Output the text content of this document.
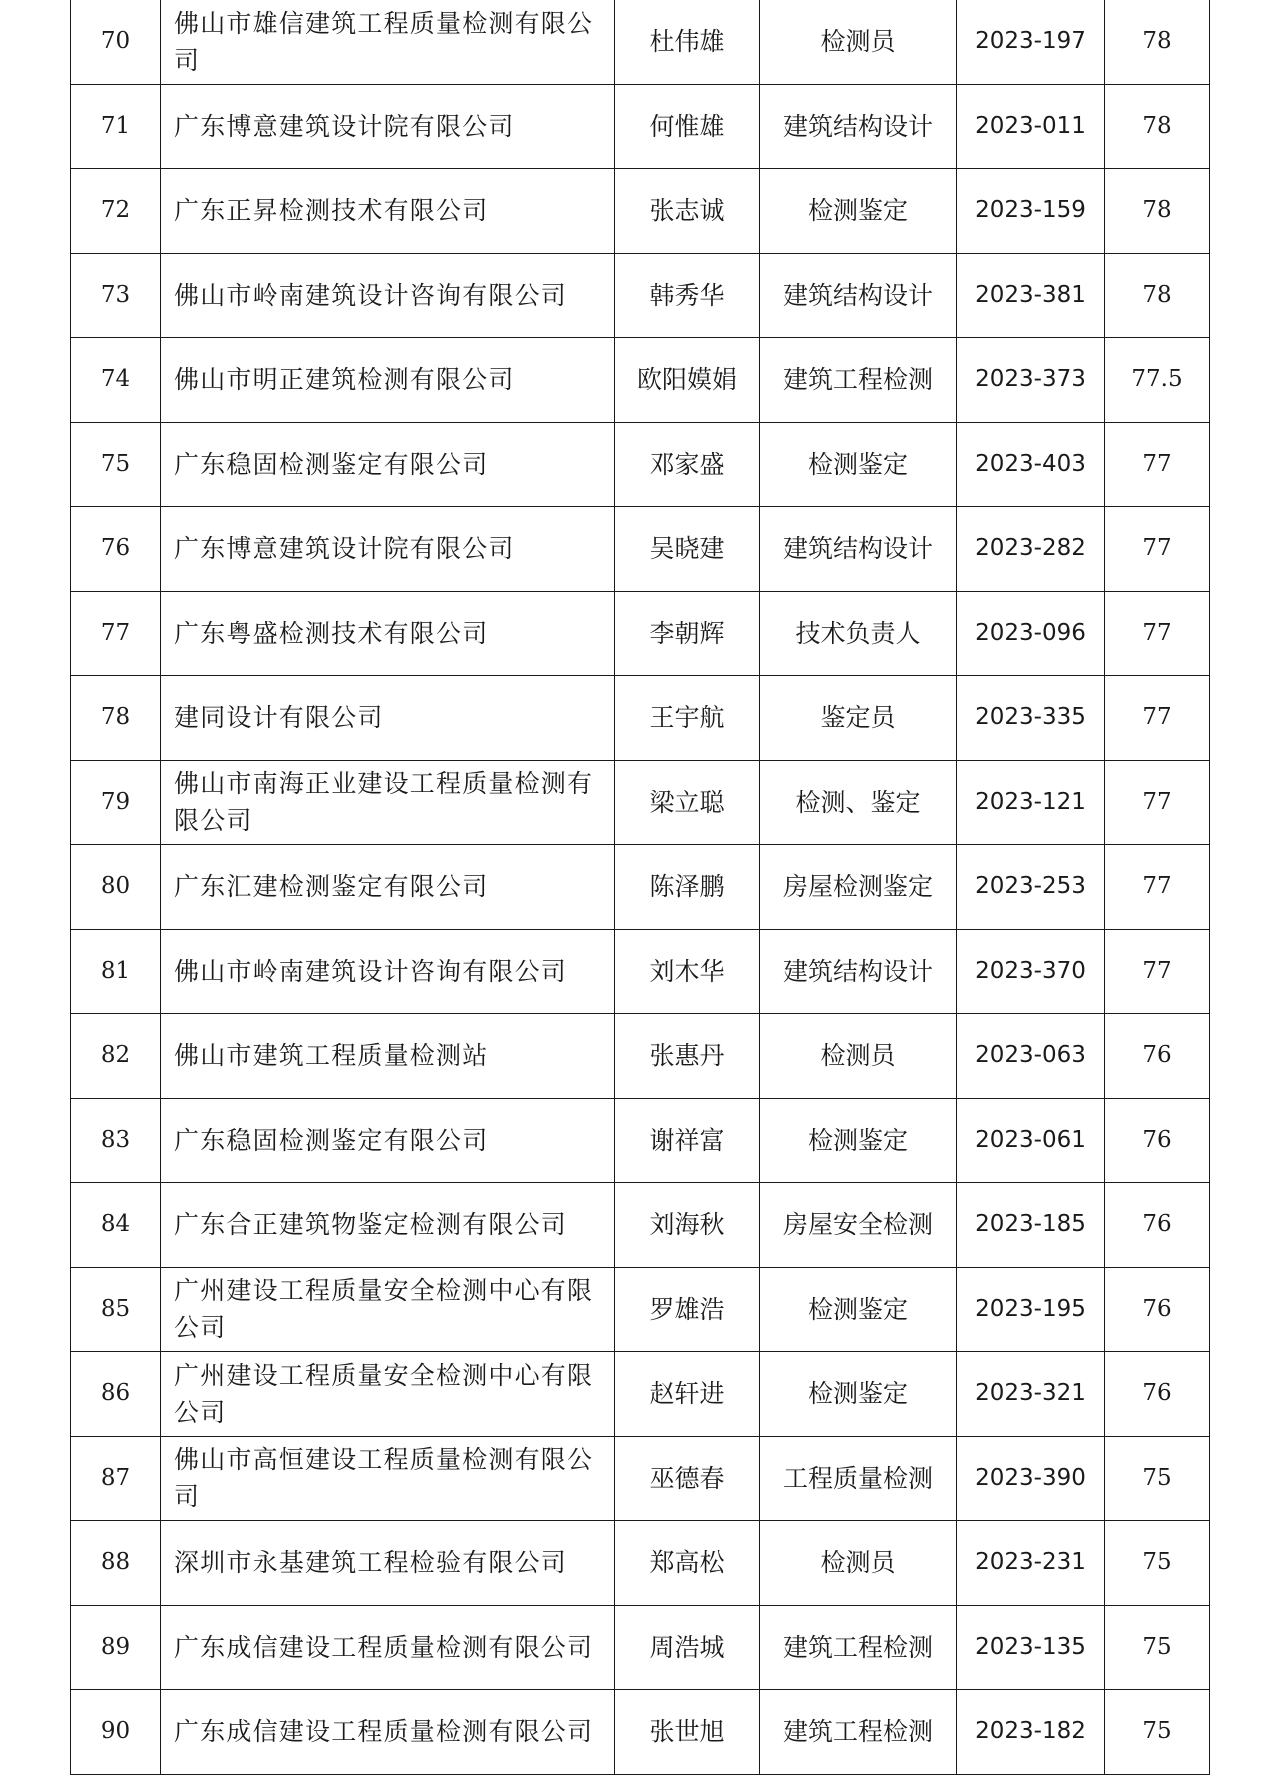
70	佛山市雄信建筑工程质量检测有限公司	杜伟雄	检测员	2023-197	78
71	广东博意建筑设计院有限公司	何惟雄	建筑结构设计	2023-011	78
72	广东正昇检测技术有限公司	张志诚	检测鉴定	2023-159	78
73	佛山市岭南建筑设计咨询有限公司	韩秀华	建筑结构设计	2023-381	78
74	佛山市明正建筑检测有限公司	欧阳嫫娟	建筑工程检测	2023-373	77.5
75	广东稳固检测鉴定有限公司	邓家盛	检测鉴定	2023-403	77
76	广东博意建筑设计院有限公司	吴晓建	建筑结构设计	2023-282	77
77	广东粤盛检测技术有限公司	李朝辉	技术负责人	2023-096	77
78	建同设计有限公司	王宇航	鉴定员	2023-335	77
79	佛山市南海正业建设工程质量检测有限公司	梁立聪	检测、鉴定	2023-121	77
80	广东汇建检测鉴定有限公司	陈泽鹏	房屋检测鉴定	2023-253	77
81	佛山市岭南建筑设计咨询有限公司	刘木华	建筑结构设计	2023-370	77
82	佛山市建筑工程质量检测站	张惠丹	检测员	2023-063	76
83	广东稳固检测鉴定有限公司	谢祥富	检测鉴定	2023-061	76
84	广东合正建筑物鉴定检测有限公司	刘海秋	房屋安全检测	2023-185	76
85	广州建设工程质量安全检测中心有限公司	罗雄浩	检测鉴定	2023-195	76
86	广州建设工程质量安全检测中心有限公司	赵轩进	检测鉴定	2023-321	76
87	佛山市高恒建设工程质量检测有限公司	巫德春	工程质量检测	2023-390	75
88	深圳市永基建筑工程检验有限公司	郑高松	检测员	2023-231	75
89	广东成信建设工程质量检测有限公司	周浩城	建筑工程检测	2023-135	75
90	广东成信建设工程质量检测有限公司	张世旭	建筑工程检测	2023-182	75
